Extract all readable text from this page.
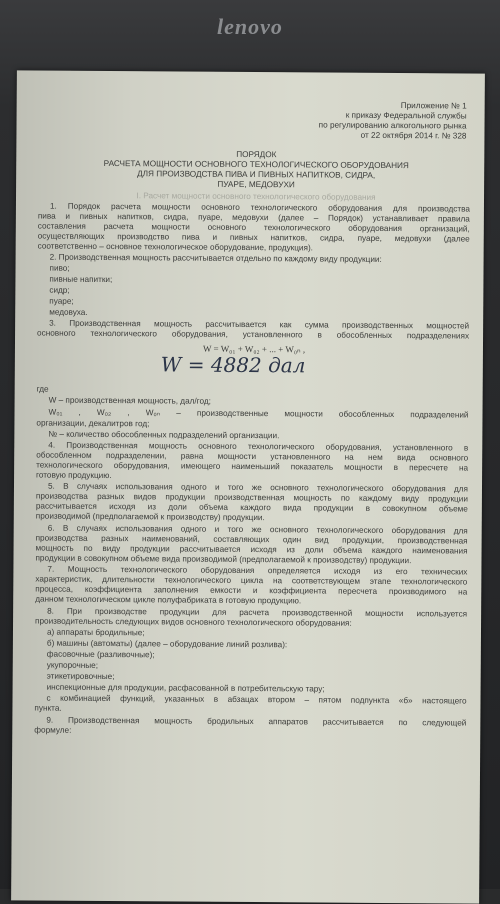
lenovo
Приложение № 1
к приказу Федеральной службы
по регулированию алкогольного рынка
от 22 октября 2014 г. № 328
ПОРЯДОК
РАСЧЕТА МОЩНОСТИ ОСНОВНОГО ТЕХНОЛОГИЧЕСКОГО ОБОРУДОВАНИЯ
ДЛЯ ПРОИЗВОДСТВА ПИВА И ПИВНЫХ НАПИТКОВ, СИДРА,
ПУАРЕ, МЕДОВУХИ
I. Расчет мощности основного технологического оборудования
1. Порядок расчета мощности основного технологического оборудования для производства
пива и пивных напитков, сидра, пуаре, медовухи (далее – Порядок) устанавливает правила
составления расчета мощности основного технологического оборудования организаций,
осуществляющих производство пива и пивных напитков, сидра, пуаре, медовухи (далее
соответственно – основное технологическое оборудование, продукция).
2. Производственная мощность рассчитывается отдельно по каждому виду продукции:
пиво;
пивные напитки;
сидр;
пуаре;
медовуха.
3. Производственная мощность рассчитывается как сумма производственных мощностей
основного технологического оборудования, установленного в обособленных подразделениях
W = W₀₁ + W₀₂ + ... + W₀ₙ ,
W = 4882 дал
где
W – производственная мощность, дал/год;
W₀₁ , W₀₂ , W₀ₙ – производственные мощности обособленных подразделений
организации, декалитров год;
№ – количество обособленных подразделений организации.
4. Производственная мощность основного технологического оборудования, установленного в
обособленном подразделении, равна мощности установленного на нем вида основного
технологического оборудования, имеющего наименьший показатель мощности в пересчете на
готовую продукцию.
5. В случаях использования одного и того же основного технологического оборудования для
производства разных видов продукции производственная мощность по каждому виду продукции
рассчитывается исходя из доли объема каждого вида продукции в совокупном объеме
производимой (предполагаемой к производству) продукции.
6. В случаях использования одного и того же основного технологического оборудования для
производства разных наименований, составляющих один вид продукции, производственная
мощность по виду продукции рассчитывается исходя из доли объема каждого наименования
продукции в совокупном объеме вида производимой (предполагаемой к производству) продукции.
7. Мощность технологического оборудования определяется исходя из его технических
характеристик, длительности технологического цикла на соответствующем этапе технологического
процесса, коэффициента заполнения емкости и коэффициента пересчета производимого на
данном технологическом цикле полуфабриката в готовую продукцию.
8. При производстве продукции для расчета производственной мощности используется
производительность следующих видов основного технологического оборудования:
а) аппараты бродильные;
б) машины (автоматы) (далее – оборудование линий розлива):
фасовочные (разливочные);
укупорочные;
этикетировочные;
инспекционные для продукции, расфасованной в потребительскую тару;
с комбинацией функций, указанных в абзацах втором – пятом подпункта «б» настоящего
пункта.
9. Производственная мощность бродильных аппаратов рассчитывается по следующей
формуле:
